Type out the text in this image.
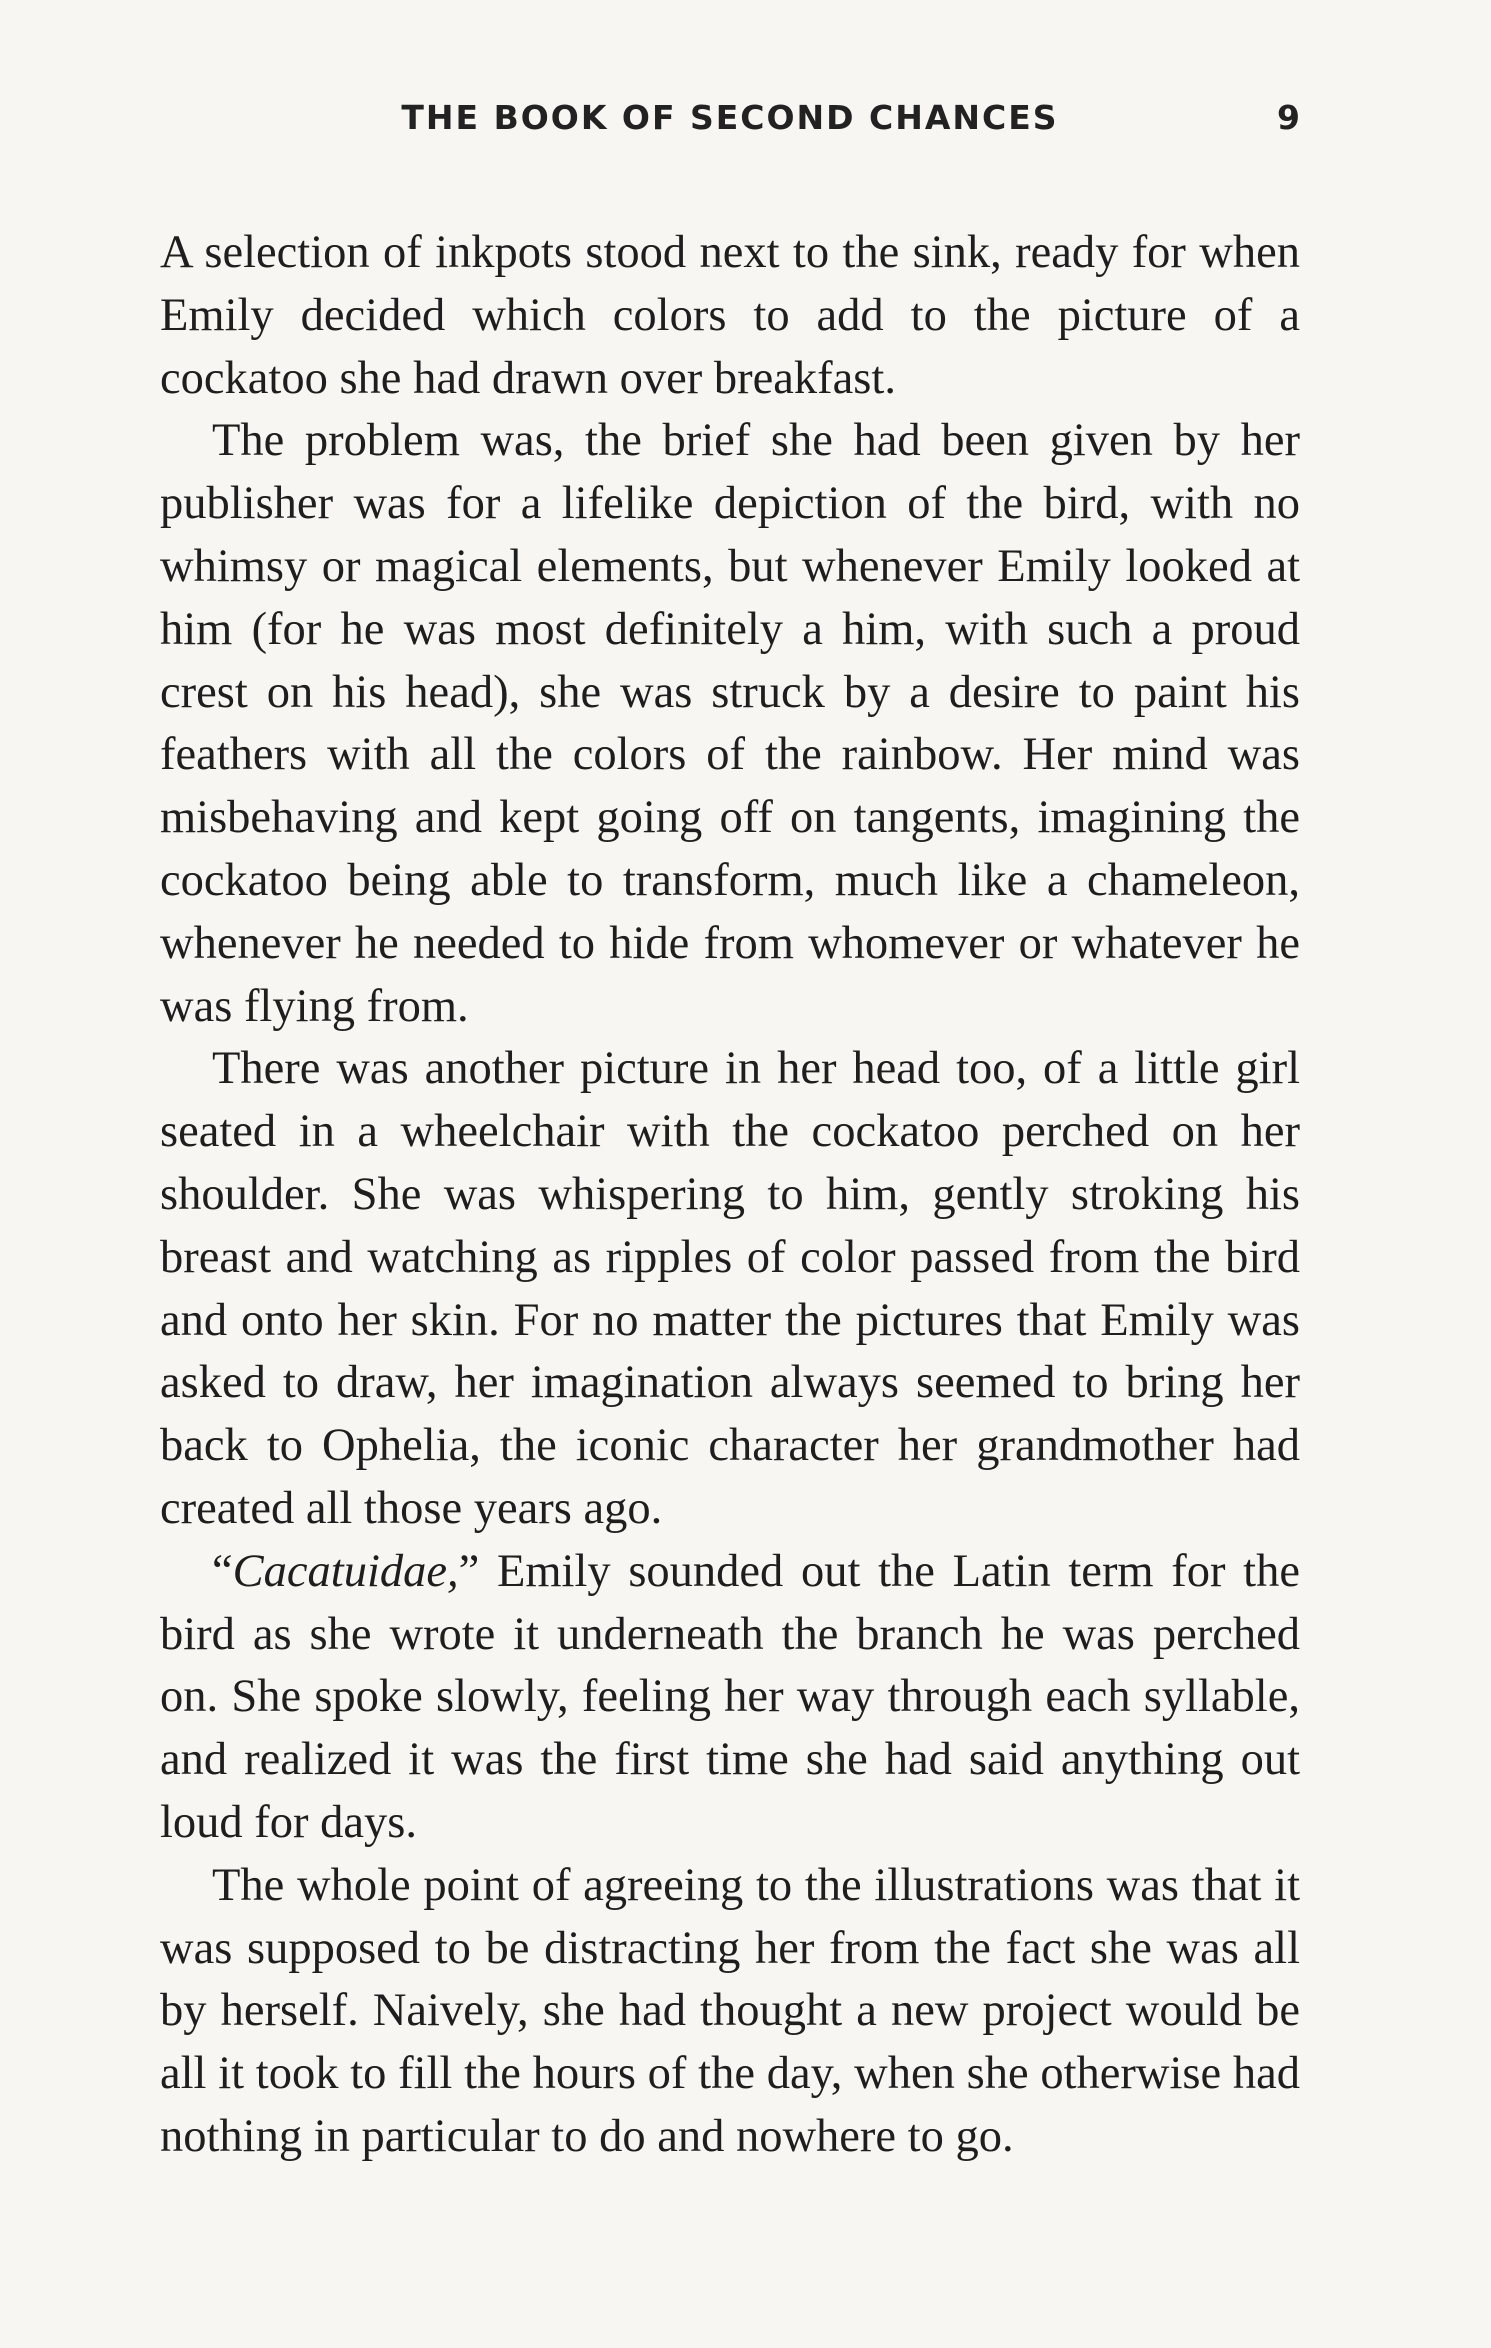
THE BOOK OF SECOND CHANCES	9

A selection of inkpots stood next to the sink, ready for when Emily decided which colors to add to the picture of a cockatoo she had drawn over breakfast.

The problem was, the brief she had been given by her publisher was for a lifelike depiction of the bird, with no whimsy or magical elements, but whenever Emily looked at him (for he was most definitely a him, with such a proud crest on his head), she was struck by a desire to paint his feathers with all the colors of the rainbow. Her mind was misbehaving and kept going off on tangents, imagining the cockatoo being able to transform, much like a chameleon, whenever he needed to hide from whomever or whatever he was flying from.

There was another picture in her head too, of a little girl seated in a wheelchair with the cockatoo perched on her shoulder. She was whispering to him, gently stroking his breast and watching as ripples of color passed from the bird and onto her skin. For no matter the pictures that Emily was asked to draw, her imagination always seemed to bring her back to Ophelia, the iconic character her grandmother had created all those years ago.

“Cacatuidae,” Emily sounded out the Latin term for the bird as she wrote it underneath the branch he was perched on. She spoke slowly, feeling her way through each syllable, and realized it was the first time she had said anything out loud for days.

The whole point of agreeing to the illustrations was that it was supposed to be distracting her from the fact she was all by herself. Naively, she had thought a new project would be all it took to fill the hours of the day, when she otherwise had nothing in particular to do and nowhere to go.
